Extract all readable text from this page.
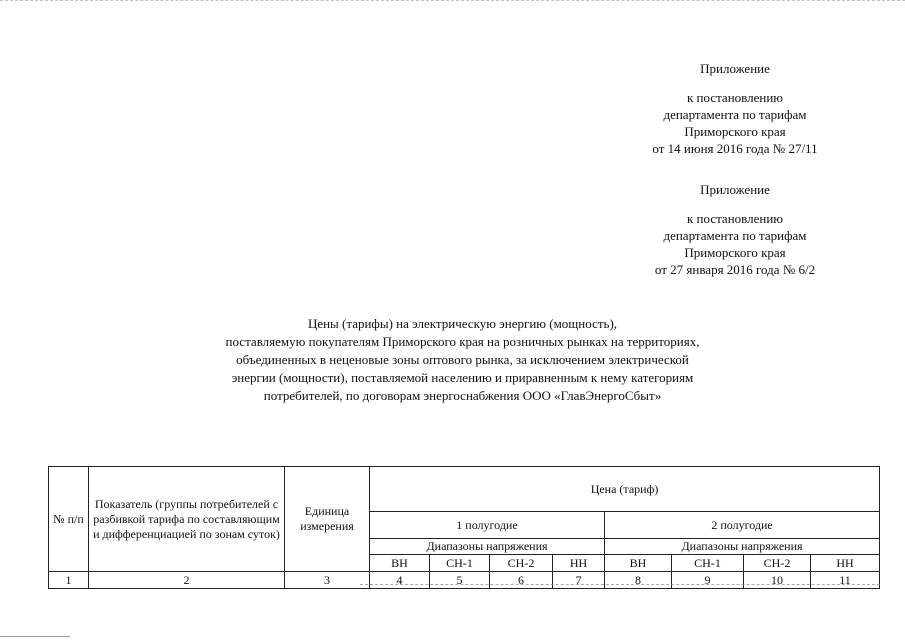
Приложение
к постановлению
департамента по тарифам
Приморского края
от 14 июня 2016 года № 27/11
Приложение
к постановлению
департамента по тарифам
Приморского края
от 27 января 2016 года № 6/2
Цены (тарифы) на электрическую энергию (мощность),
поставляемую покупателям Приморского края на розничных рынках на территориях,
объединенных в неценовые зоны оптового рынка, за исключением электрической
энергии (мощности), поставляемой населению и приравненным к нему категориям
потребителей, по договорам энергоснабжения ООО «ГлавЭнергоСбыт»
№ п/п	Показатель (группы потребителей с разбивкой тарифа по составляющим и дифференциацией по зонам суток)	Единица измерения	Цена (тариф)							
			1 полугодие				2 полугодие			
			Диапазоны напряжения				Диапазоны напряжения			
			ВН	СН-1	СН-2	НН	ВН	СН-1	СН-2	НН
1	2	3	4	5	6	7	8	9	10	11
